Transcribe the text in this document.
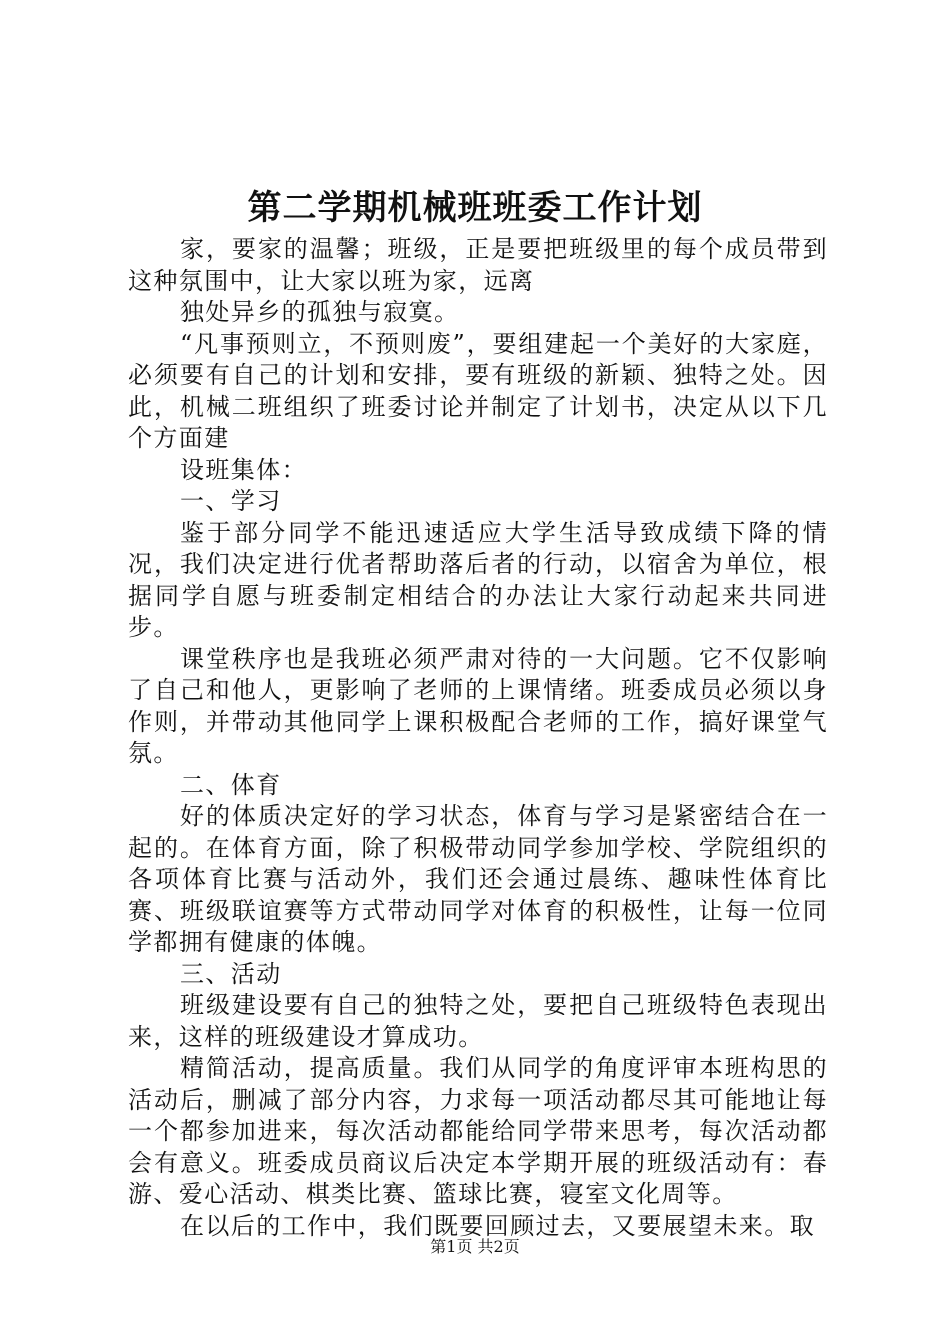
第二学期机械班班委工作计划

家，要家的温馨；班级，正是要把班级里的每个成员带到这种氛围中，让大家以班为家，远离

独处异乡的孤独与寂寞。

“凡事预则立，不预则废”，要组建起一个美好的大家庭，必须要有自己的计划和安排，要有班级的新颖、独特之处。因此，机械二班组织了班委讨论并制定了计划书，决定从以下几个方面建

设班集体：

一、学习

鉴于部分同学不能迅速适应大学生活导致成绩下降的情况，我们决定进行优者帮助落后者的行动，以宿舍为单位，根据同学自愿与班委制定相结合的办法让大家行动起来共同进步。

课堂秩序也是我班必须严肃对待的一大问题。它不仅影响了自己和他人，更影响了老师的上课情绪。班委成员必须以身作则，并带动其他同学上课积极配合老师的工作，搞好课堂气氛。

二、体育

好的体质决定好的学习状态，体育与学习是紧密结合在一起的。在体育方面，除了积极带动同学参加学校、学院组织的各项体育比赛与活动外，我们还会通过晨练、趣味性体育比赛、班级联谊赛等方式带动同学对体育的积极性，让每一位同学都拥有健康的体魄。

三、活动

班级建设要有自己的独特之处，要把自己班级特色表现出来，这样的班级建设才算成功。

精简活动，提高质量。我们从同学的角度评审本班构思的活动后，删减了部分内容，力求每一项活动都尽其可能地让每一个都参加进来，每次活动都能给同学带来思考，每次活动都会有意义。班委成员商议后决定本学期开展的班级活动有：春游、爱心活动、棋类比赛、篮球比赛，寝室文化周等。

在以后的工作中，我们既要回顾过去，又要展望未来。取

第1页 共2页
